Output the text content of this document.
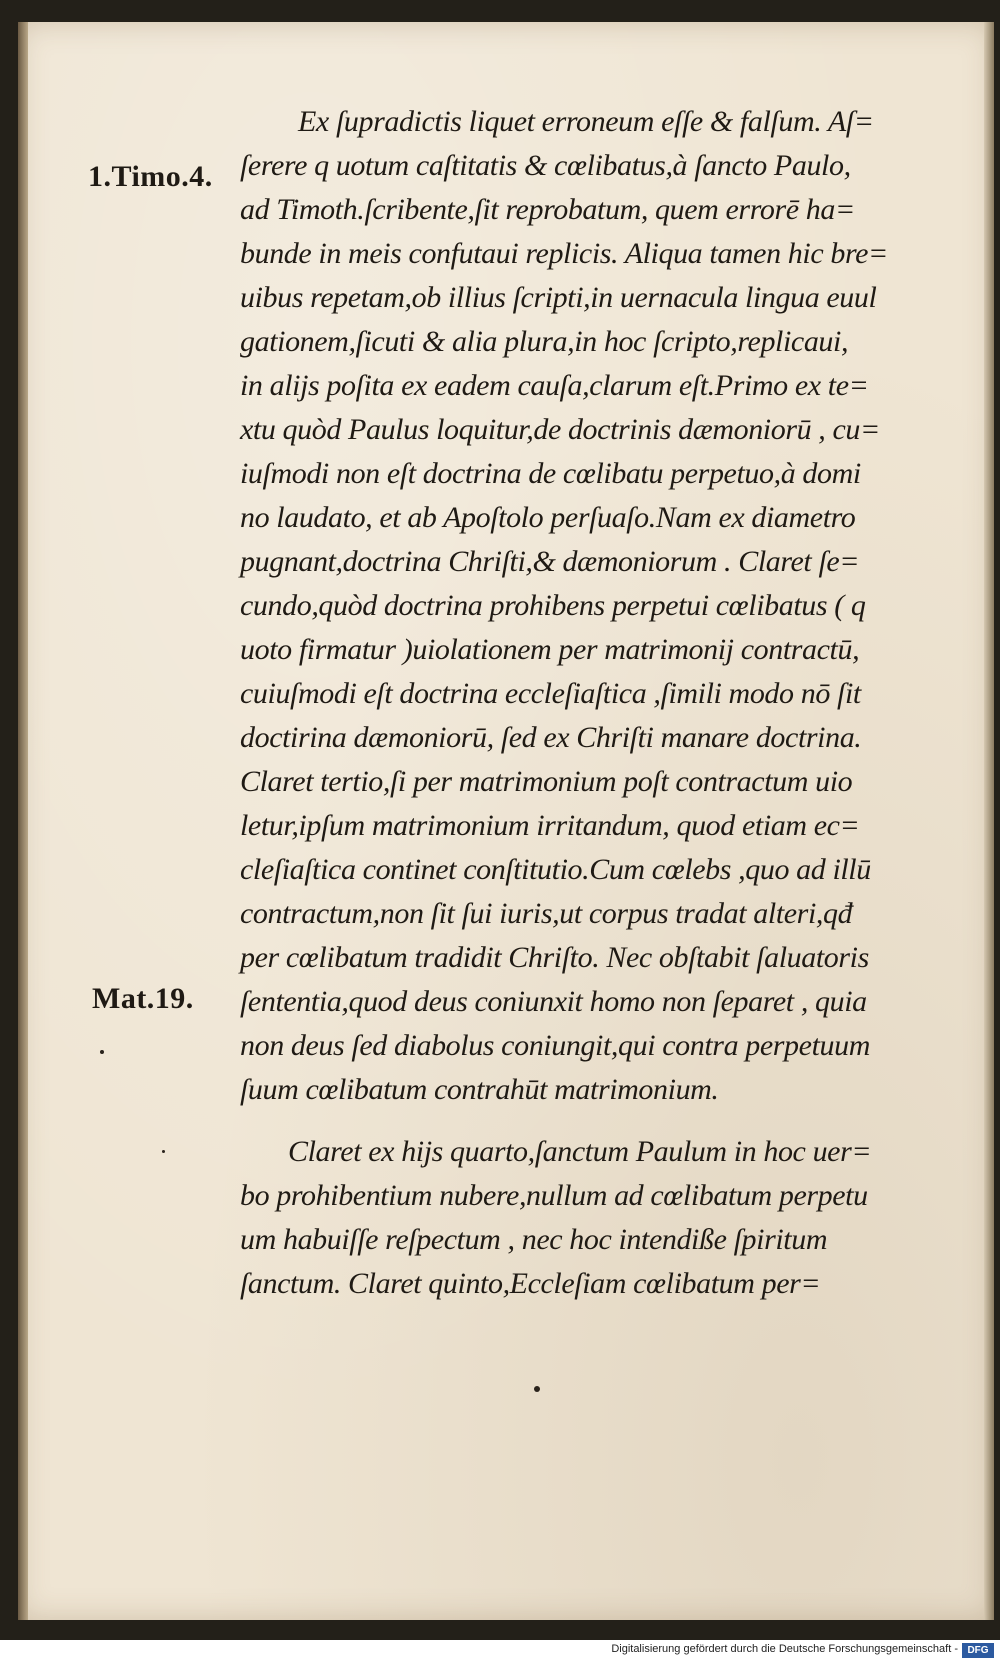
1.Timo.4.
Mat.19.
Ex ſupradictis liquet erroneum eſſe & falſum. Aſ=
ſerere q uotum caſtitatis & cœlibatus,à ſancto Paulo,
ad Timoth.ſcribente,ſit reprobatum, quem errorē ha=
bunde in meis confutaui replicis. Aliqua tamen hic bre=
uibus repetam,ob illius ſcripti,in uernacula lingua euul
gationem,ſicuti & alia plura,in hoc ſcripto,replicaui,
in alijs poſita ex eadem cauſa,clarum eſt.Primo ex te=
xtu quòd Paulus loquitur,de doctrinis dæmoniorū , cu=
iuſmodi non eſt doctrina de cœlibatu perpetuo,à domi
no laudato, et ab Apoſtolo perſuaſo.Nam ex diametro
pugnant,doctrina Chriſti,& dæmoniorum . Claret ſe=
cundo,quòd doctrina prohibens perpetui cœlibatus ( q
uoto firmatur )uiolationem per matrimonij contractū,
cuiuſmodi eſt doctrina eccleſiaſtica ,ſimili modo nō ſit
doctirina dæmoniorū, ſed ex Chriſti manare doctrina.
Claret tertio,ſi per matrimonium poſt contractum uio
letur,ipſum matrimonium irritandum, quod etiam ec=
cleſiaſtica continet conſtitutio.Cum cœlebs ,quo ad illū
contractum,non ſit ſui iuris,ut corpus tradat alteri,qđ
per cœlibatum tradidit Chriſto. Nec obſtabit ſaluatoris
ſententia,quod deus coniunxit homo non ſeparet , quia
non deus ſed diabolus coniungit,qui contra perpetuum
ſuum cœlibatum contrahūt matrimonium.
Claret ex hijs quarto,ſanctum Paulum in hoc uer=
bo prohibentium nubere,nullum ad cœlibatum perpetu
um habuiſſe reſpectum , nec hoc intendiße ſpiritum
ſanctum. Claret quinto,Eccleſiam cœlibatum per=
Digitalisierung gefördert durch die Deutsche Forschungsgemeinschaft - DFG
